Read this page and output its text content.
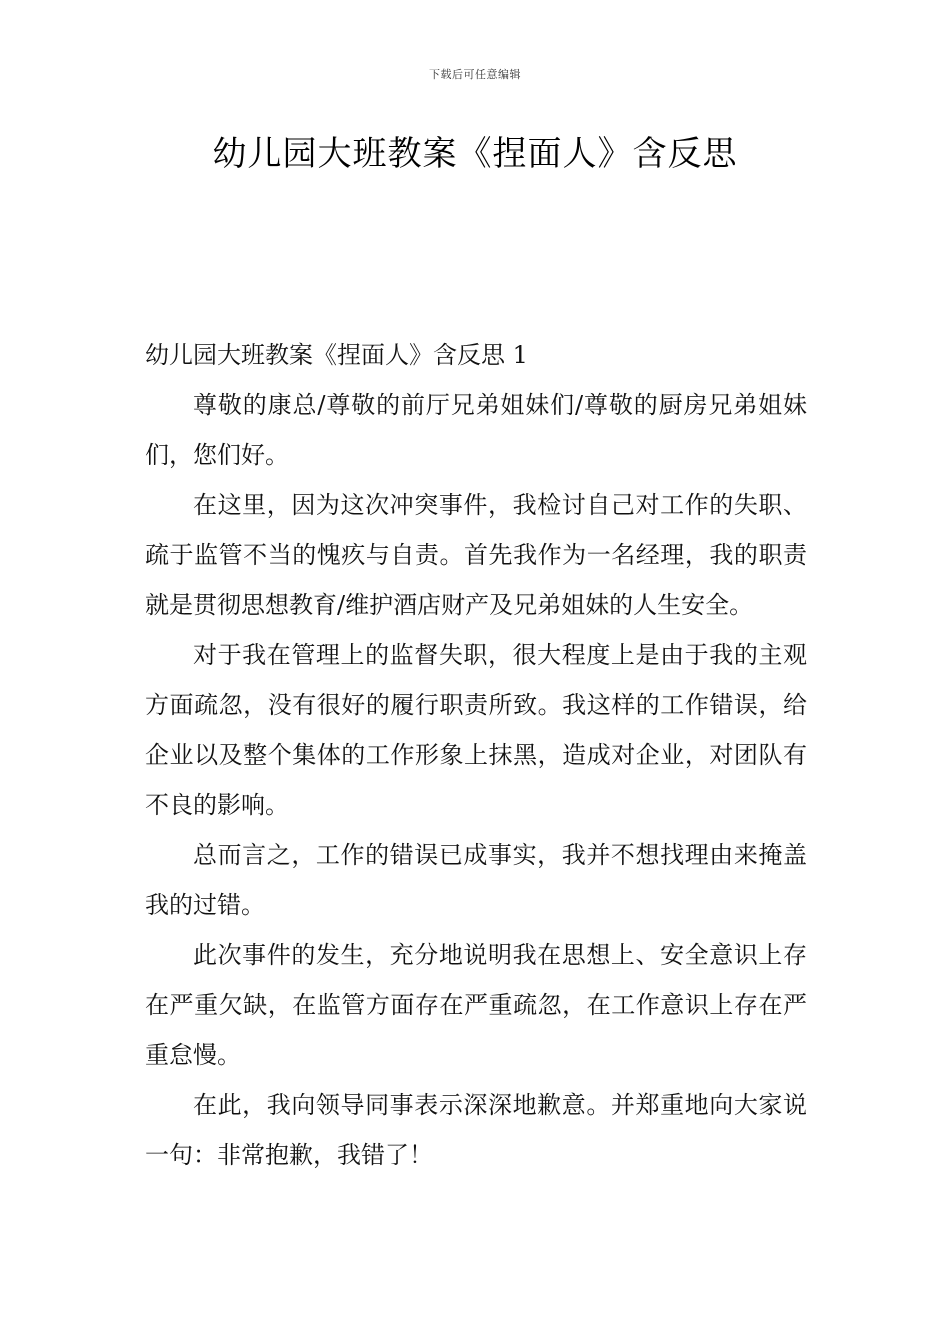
下载后可任意编辑
幼儿园大班教案《捏面人》含反思

幼儿园大班教案《捏面人》含反思 1

尊敬的康总/尊敬的前厅兄弟姐妹们/尊敬的厨房兄弟姐妹们，您们好。

在这里，因为这次冲突事件，我检讨自己对工作的失职、疏于监管不当的愧疚与自责。首先我作为一名经理，我的职责就是贯彻思想教育/维护酒店财产及兄弟姐妹的人生安全。

对于我在管理上的监督失职，很大程度上是由于我的主观方面疏忽，没有很好的履行职责所致。我这样的工作错误，给企业以及整个集体的工作形象上抹黑，造成对企业，对团队有不良的影响。

总而言之，工作的错误已成事实，我并不想找理由来掩盖我的过错。

此次事件的发生，充分地说明我在思想上、安全意识上存在严重欠缺，在监管方面存在严重疏忽，在工作意识上存在严重怠慢。

在此，我向领导同事表示深深地歉意。并郑重地向大家说一句：非常抱歉，我错了！
